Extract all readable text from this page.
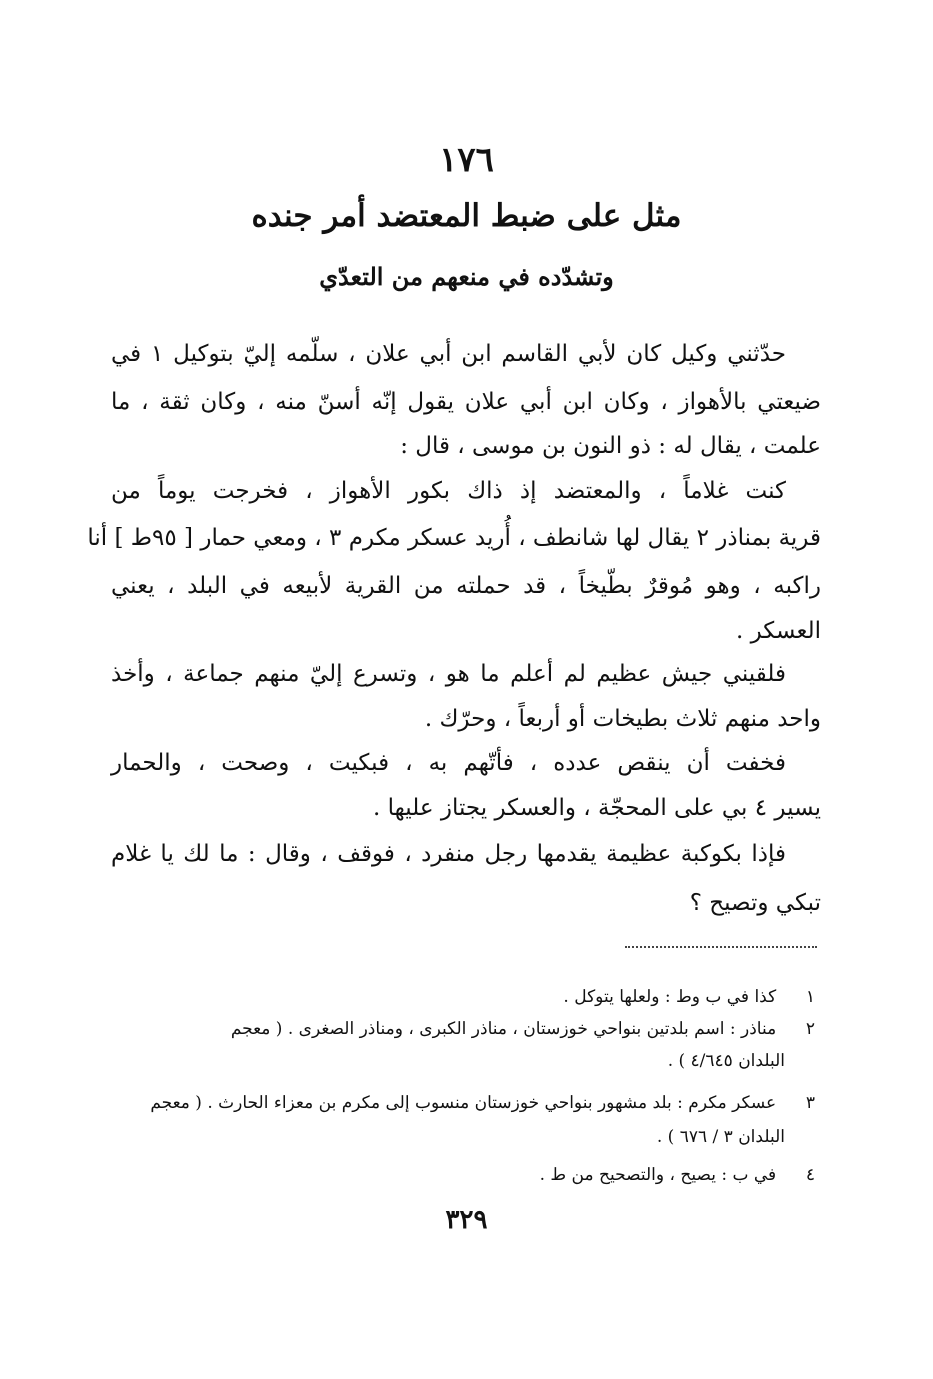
١٧٦
مثل على ضبط المعتضد أمر جنده
وتشدّده في منعهم من التعدّي
حدّثني وكيل كان لأبي القاسم ابن أبي علان ، سلّمه إليّ بتوكيل ١ في
ضيعتي بالأهواز ، وكان ابن أبي علان يقول إنّه أسنّ منه ، وكان ثقة ، ما
علمت ، يقال له : ذو النون بن موسى ، قال :
كنت غلاماً ، والمعتضد إذ ذاك بكور الأهواز ، فخرجت يوماً من
قرية بمناذر ٢ يقال لها شانطف ، أُريد عسكر مكرم ٣ ، ومعي حمار [ ٩٥ط ] أنا
راكبه ، وهو مُوقرٌ بطّيخاً ، قد حملته من القرية لأبيعه في البلد ، يعني
العسكر .
فلقيني جيش عظيم لم أعلم ما هو ، وتسرع إليّ منهم جماعة ، وأخذ
واحد منهم ثلاث بطيخات أو أربعاً ، وحرّك .
فخفت أن ينقص عدده ، فأتّهم به ، فبكيت ، وصحت ، والحمار
يسير ٤ بي على المحجّة ، والعسكر يجتاز عليها .
فإذا بكوكبة عظيمة يقدمها رجل منفرد ، فوقف ، وقال : ما لك يا غلام
تبكي وتصيح ؟
١  كذا في ب وط : ولعلها يتوكل .
٢  مناذر : اسم بلدتين بنواحي خوزستان ، مناذر الكبرى ، ومناذر الصغرى . ( معجم
البلدان ٤/٦٤٥ ) .
٣  عسكر مكرم : بلد مشهور بنواحي خوزستان منسوب إلى مكرم بن معزاء الحارث . ( معجم
البلدان ٣ / ٦٧٦ ) .
٤  في ب : يصيح ، والتصحيح من ط .
٣٢٩
